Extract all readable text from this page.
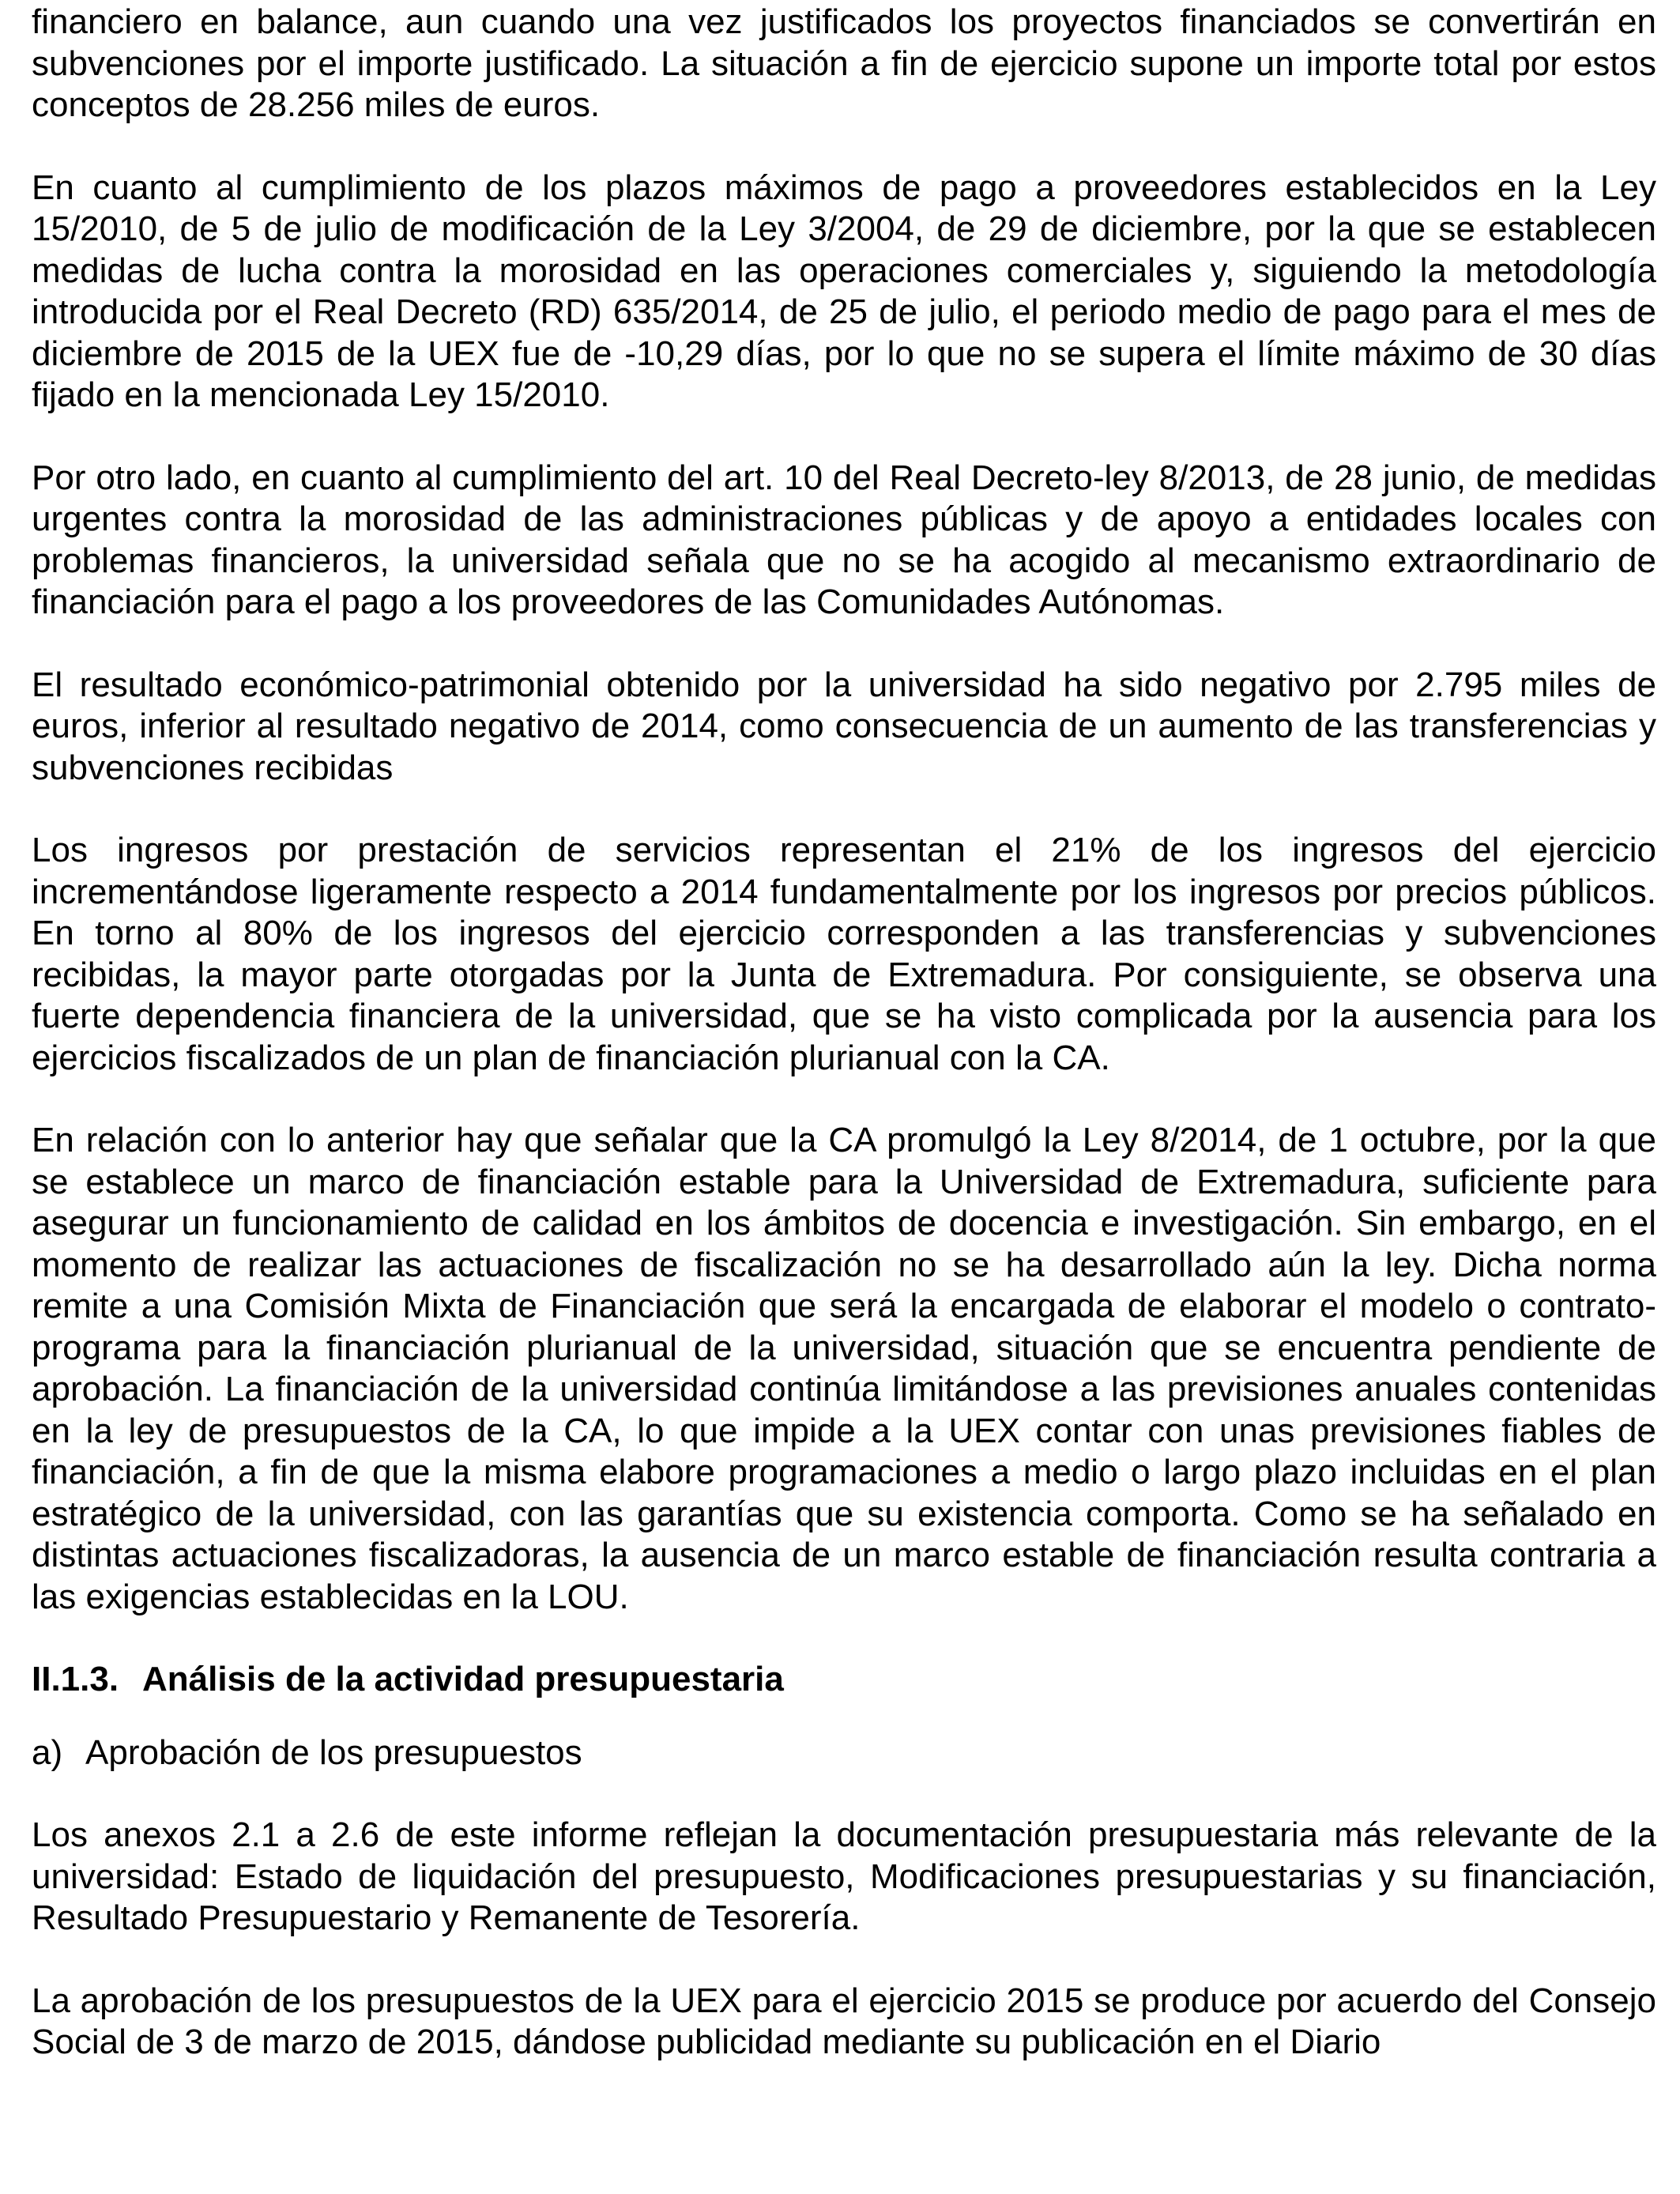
financiero en balance, aun cuando una vez justificados los proyectos financiados se convertirán en subvenciones por el importe justificado. La situación a fin de ejercicio supone un importe total por estos conceptos de 28.256 miles de euros.

En cuanto al cumplimiento de los plazos máximos de pago a proveedores establecidos en la Ley 15/2010, de 5 de julio de modificación de la Ley 3/2004, de 29 de diciembre, por la que se establecen medidas de lucha contra la morosidad en las operaciones comerciales y, siguiendo la metodología introducida por el Real Decreto (RD) 635/2014, de 25 de julio, el periodo medio de pago para el mes de diciembre de 2015 de la UEX fue de -10,29 días, por lo que no se supera el límite máximo de 30 días fijado en la mencionada Ley 15/2010.

Por otro lado, en cuanto al cumplimiento del art. 10 del Real Decreto-ley 8/2013, de 28 junio, de medidas urgentes contra la morosidad de las administraciones públicas y de apoyo a entidades locales con problemas financieros, la universidad señala que no se ha acogido al mecanismo extraordinario de financiación para el pago a los proveedores de las Comunidades Autónomas.

El resultado económico-patrimonial obtenido por la universidad ha sido negativo por 2.795 miles de euros, inferior al resultado negativo de 2014, como consecuencia de un aumento de las transferencias y subvenciones recibidas

Los ingresos por prestación de servicios representan el 21% de los ingresos del ejercicio incrementándose ligeramente respecto a 2014 fundamentalmente por los ingresos por precios públicos. En torno al 80% de los ingresos del ejercicio corresponden a las transferencias y subvenciones recibidas, la mayor parte otorgadas por la Junta de Extremadura. Por consiguiente, se observa una fuerte dependencia financiera de la universidad, que se ha visto complicada por la ausencia para los ejercicios fiscalizados de un plan de financiación plurianual con la CA.

En relación con lo anterior hay que señalar que la CA promulgó la Ley 8/2014, de 1 octubre, por la que se establece un marco de financiación estable para la Universidad de Extremadura, suficiente para asegurar un funcionamiento de calidad en los ámbitos de docencia e investigación. Sin embargo, en el momento de realizar las actuaciones de fiscalización no se ha desarrollado aún la ley. Dicha norma remite a una Comisión Mixta de Financiación que será la encargada de elaborar el modelo o contrato-programa para la financiación plurianual de la universidad, situación que se encuentra pendiente de aprobación. La financiación de la universidad continúa limitándose a las previsiones anuales contenidas en la ley de presupuestos de la CA, lo que impide a la UEX contar con unas previsiones fiables de financiación, a fin de que la misma elabore programaciones a medio o largo plazo incluidas en el plan estratégico de la universidad, con las garantías que su existencia comporta. Como se ha señalado en distintas actuaciones fiscalizadoras, la ausencia de un marco estable de financiación resulta contraria a las exigencias establecidas en la LOU.

II.1.3. Análisis de la actividad presupuestaria
a) Aprobación de los presupuestos

Los anexos 2.1 a 2.6 de este informe reflejan la documentación presupuestaria más relevante de la universidad: Estado de liquidación del presupuesto, Modificaciones presupuestarias y su financiación, Resultado Presupuestario y Remanente de Tesorería.

La aprobación de los presupuestos de la UEX para el ejercicio 2015 se produce por acuerdo del Consejo Social de 3 de marzo de 2015, dándose publicidad mediante su publicación en el Diario
